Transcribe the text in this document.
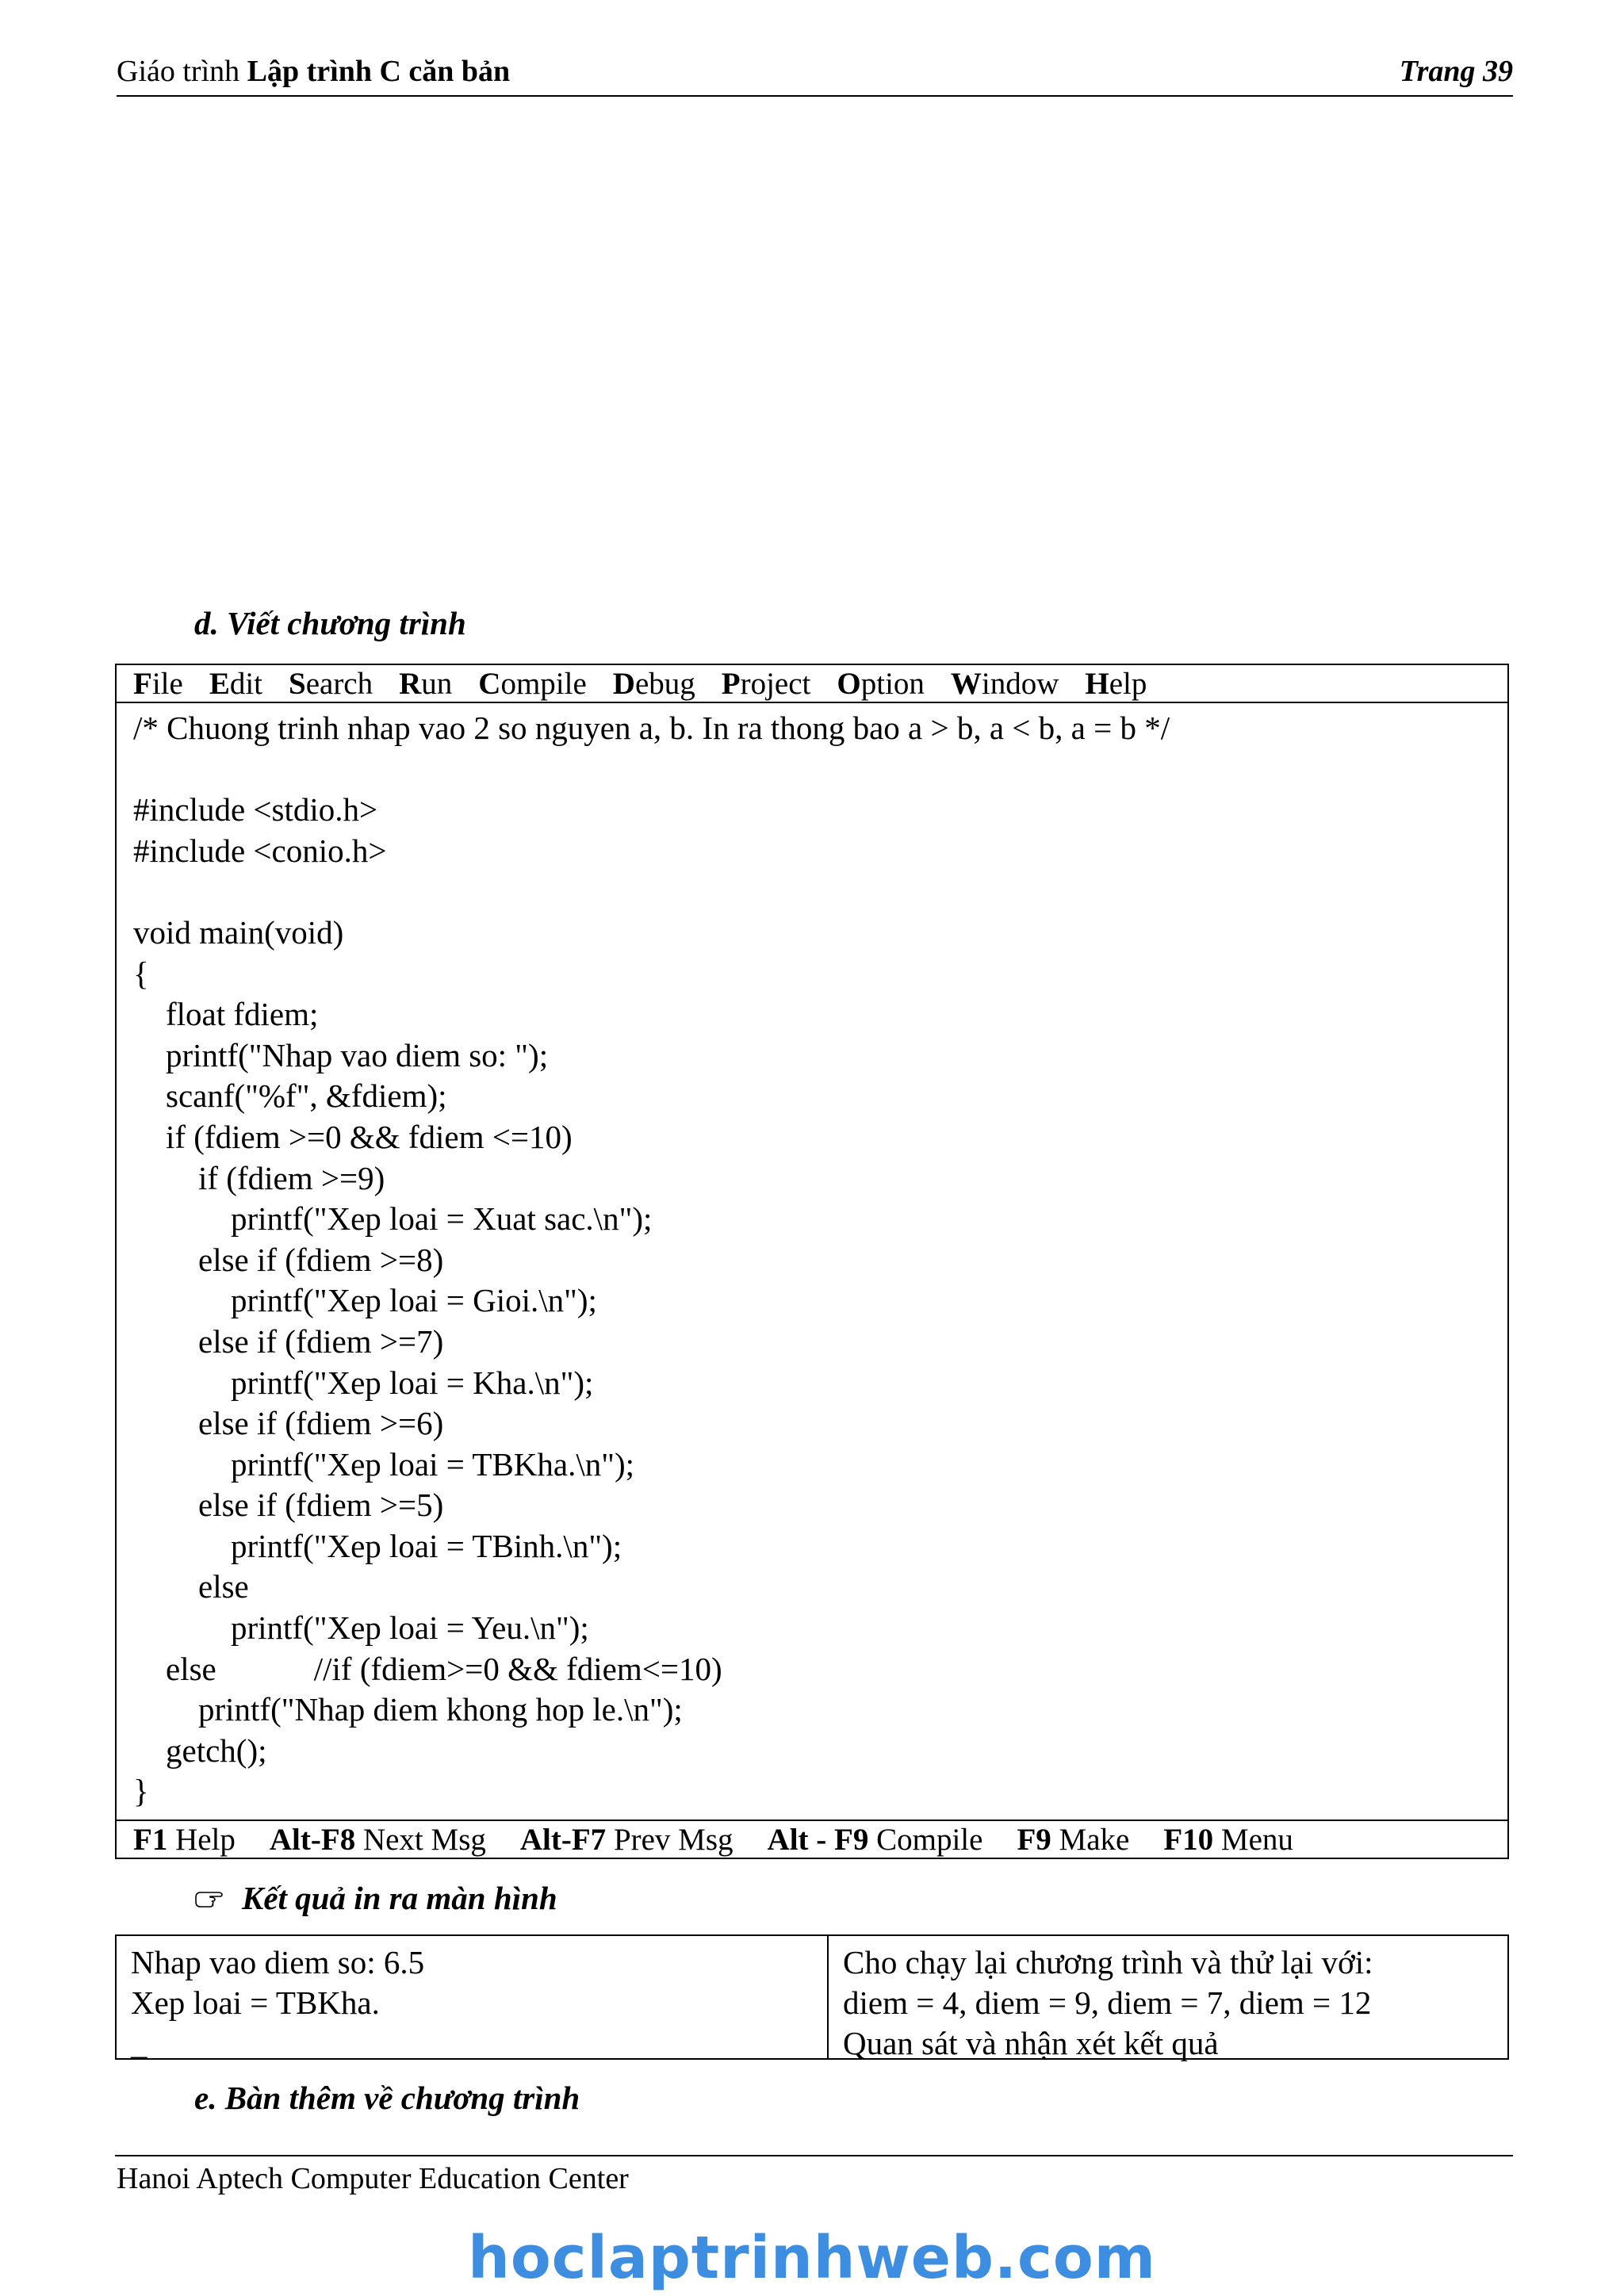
Giáo trình Lập trình C căn bản	Trang 39
d. Viết chương trình
File Edit Search Run Compile Debug Project Option Window Help
/* Chuong trinh nhap vao 2 so nguyen a, b. In ra thong bao a > b, a < b, a = b */

#include <stdio.h>
#include <conio.h>

void main(void)
{
float fdiem;
printf("Nhap vao diem so: ");
scanf("%f", &fdiem);
if (fdiem >=0 && fdiem <=10)
if (fdiem >=9)
printf("Xep loai = Xuat sac.\n");
else if (fdiem >=8)
printf("Xep loai = Gioi.\n");
else if (fdiem >=7)
printf("Xep loai = Kha.\n");
else if (fdiem >=6)
printf("Xep loai = TBKha.\n");
else if (fdiem >=5)
printf("Xep loai = TBinh.\n");
else
printf("Xep loai = Yeu.\n");
else            //if (fdiem>=0 && fdiem<=10)
printf("Nhap diem khong hop le.\n");
getch();
}
F1 Help Alt-F8 Next Msg Alt-F7 Prev Msg Alt - F9 Compile F9 Make F10 Menu
Kết quả in ra màn hình
Nhap vao diem so: 6.5
Xep loai = TBKha.
_
Cho chạy lại chương trình và thử lại với:
diem = 4, diem = 9, diem = 7, diem = 12
Quan sát và nhận xét kết quả
e. Bàn thêm về chương trình
Hanoi Aptech Computer Education Center
hoclaptrinhweb.com
